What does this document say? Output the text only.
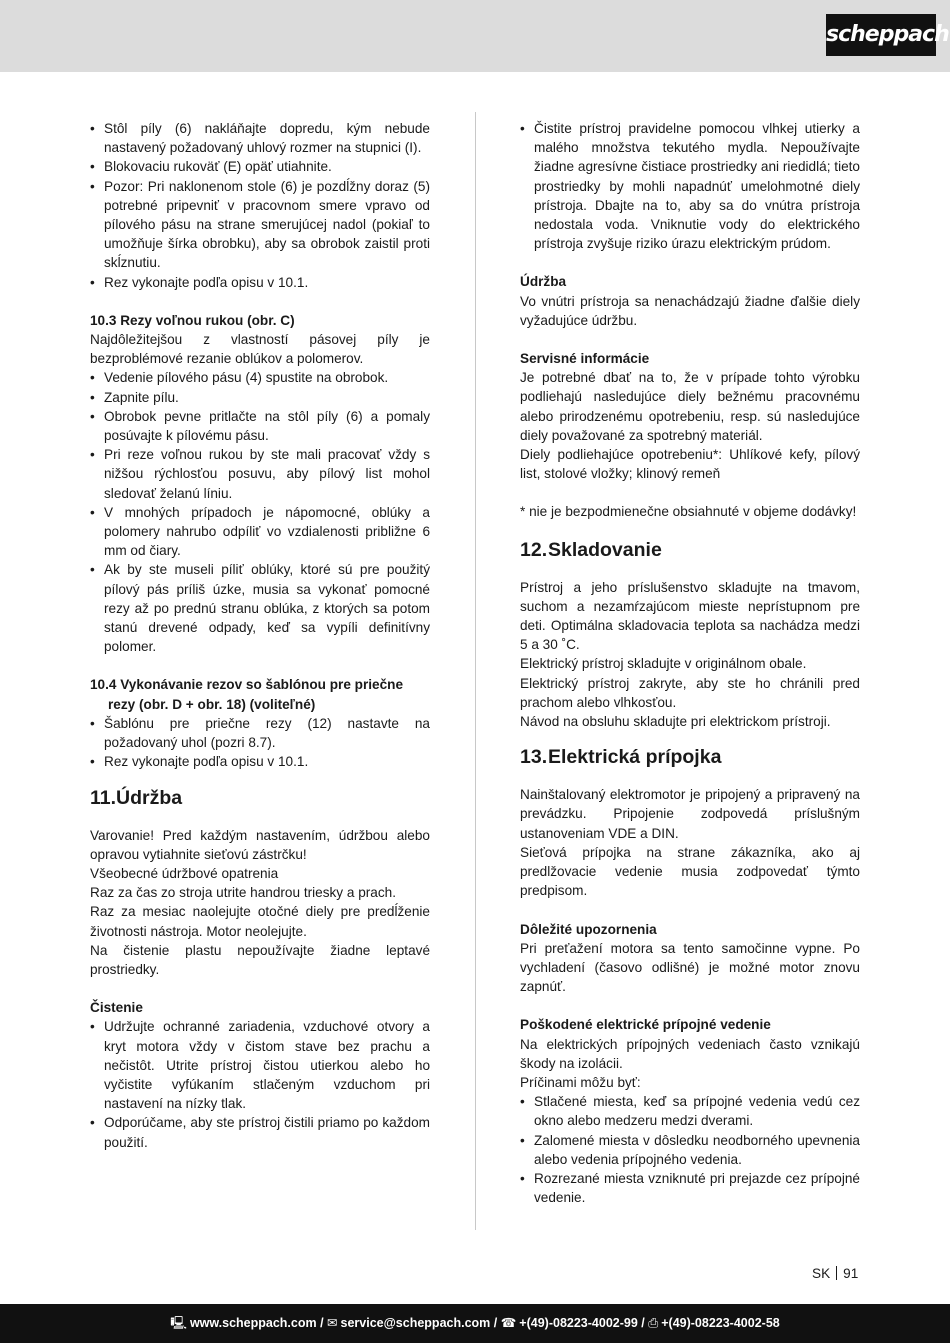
scheppach

• Stôl píly (6) nakláňajte dopredu, kým nebude nastavený požadovaný uhlový rozmer na stupnici (I).

• Blokovaciu rukoväť (E) opäť utiahnite.

• Pozor: Pri naklonenom stole (6) je pozdĺžny doraz (5) potrebné pripevniť v pracovnom smere vpravo od pílového pásu na strane smerujúcej nadol (pokiaľ to umožňuje šírka obrobku), aby sa obrobok zaistil proti skĺznutiu.

• Rez vykonajte podľa opisu v 10.1.

10.3 Rezy voľnou rukou (obr. C)

Najdôležitejšou z vlastností pásovej píly je bezproblémové rezanie oblúkov a polomerov.

• Vedenie pílového pásu (4) spustite na obrobok.

• Zapnite pílu.

• Obrobok pevne pritlačte na stôl píly (6) a pomaly posúvajte k pílovému pásu.

• Pri reze voľnou rukou by ste mali pracovať vždy s nižšou rýchlosťou posuvu, aby pílový list mohol sledovať želanú líniu.

• V mnohých prípadoch je nápomocné, oblúky a polomery nahrubo odpíliť vo vzdialenosti približne 6 mm od čiary.

• Ak by ste museli píliť oblúky, ktoré sú pre použitý pílový pás príliš úzke, musia sa vykonať pomocné rezy až po prednú stranu oblúka, z ktorých sa potom stanú drevené odpady, keď sa vypíli definitívny polomer.

10.4 Vykonávanie rezov so šablónou pre priečne rezy (obr. D + obr. 18) (voliteľné)

• Šablónu pre priečne rezy (12) nastavte na požadovaný uhol (pozri 8.7).

• Rez vykonajte podľa opisu v 10.1.

11.Údržba

Varovanie! Pred každým nastavením, údržbou alebo opravou vytiahnite sieťovú zástrčku!

Všeobecné údržbové opatrenia

Raz za čas zo stroja utrite handrou triesky a prach.

Raz za mesiac naolejujte otočné diely pre predĺženie životnosti nástroja. Motor neolejujte.

Na čistenie plastu nepoužívajte žiadne leptavé prostriedky.

Čistenie

• Udržujte ochranné zariadenia, vzduchové otvory a kryt motora vždy v čistom stave bez prachu a nečistôt. Utrite prístroj čistou utierkou alebo ho vyčistite vyfúkaním stlačeným vzduchom pri nastavení na nízky tlak.

• Odporúčame, aby ste prístroj čistili priamo po každom použití.

• Čistite prístroj pravidelne pomocou vlhkej utierky a malého množstva tekutého mydla. Nepoužívajte žiadne agresívne čistiace prostriedky ani riedidlá; tieto prostriedky by mohli napadnúť umelohmotné diely prístroja. Dbajte na to, aby sa do vnútra prístroja nedostala voda. Vniknutie vody do elektrického prístroja zvyšuje riziko úrazu elektrickým prúdom.

Údržba

Vo vnútri prístroja sa nenachádzajú žiadne ďalšie diely vyžadujúce údržbu.

Servisné informácie

Je potrebné dbať na to, že v prípade tohto výrobku podliehajú nasledujúce diely bežnému pracovnému alebo prirodzenému opotrebeniu, resp. sú nasledujúce diely považované za spotrebný materiál.

Diely podliehajúce opotrebeniu*: Uhlíkové kefy, pílový list, stolové vložky; klinový remeň

* nie je bezpodmienečne obsiahnuté v objeme dodávky!

12.Skladovanie

Prístroj a jeho príslušenstvo skladujte na tmavom, suchom a nezamŕzajúcom mieste neprístupnom pre deti. Optimálna skladovacia teplota sa nachádza medzi 5 a 30 ˚C.

Elektrický prístroj skladujte v originálnom obale.

Elektrický prístroj zakryte, aby ste ho chránili pred prachom alebo vlhkosťou.

Návod na obsluhu skladujte pri elektrickom prístroji.

13.Elektrická prípojka

Nainštalovaný elektromotor je pripojený a pripravený na prevádzku. Pripojenie zodpovedá príslušným ustanoveniam VDE a DIN.

Sieťová prípojka na strane zákazníka, ako aj predlžovacie vedenie musia zodpovedať týmto predpisom.

Dôležité upozornenia

Pri preťažení motora sa tento samočinne vypne. Po vychladení (časovo odlišné) je možné motor znovu zapnúť.

Poškodené elektrické prípojné vedenie

Na elektrických prípojných vedeniach často vznikajú škody na izolácii.

Príčinami môžu byť:

• Stlačené miesta, keď sa prípojné vedenia vedú cez okno alebo medzeru medzi dverami.

• Zalomené miesta v dôsledku neodborného upevnenia alebo vedenia prípojného vedenia.

• Rozrezané miesta vzniknuté pri prejazde cez prípojné vedenie.

SK 91
🖳 www.scheppach.com / ✉ service@scheppach.com / ☎ +(49)-08223-4002-99 / ⎙ +(49)-08223-4002-58
